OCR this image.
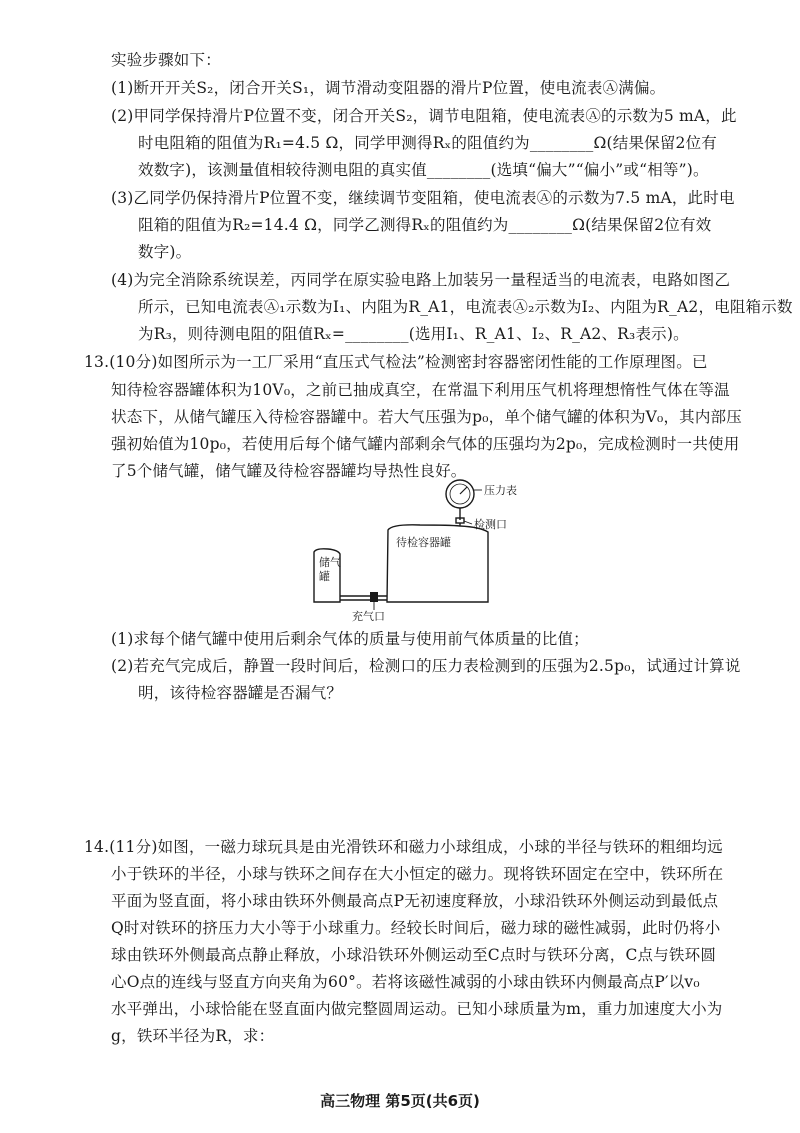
实验步骤如下：
(1)断开开关S₂，闭合开关S₁，调节滑动变阻器的滑片P位置，使电流表Ⓐ满偏。
(2)甲同学保持滑片P位置不变，闭合开关S₂，调节电阻箱，使电流表Ⓐ的示数为5 mA，此
时电阻箱的阻值为R₁=4.5 Ω，同学甲测得Rₓ的阻值约为________Ω(结果保留2位有
效数字)，该测量值相较待测电阻的真实值________(选填“偏大”“偏小”或“相等”)。
(3)乙同学仍保持滑片P位置不变，继续调节变阻箱，使电流表Ⓐ的示数为7.5 mA，此时电
阻箱的阻值为R₂=14.4 Ω，同学乙测得Rₓ的阻值约为________Ω(结果保留2位有效
数字)。
(4)为完全消除系统误差，丙同学在原实验电路上加装另一量程适当的电流表，电路如图乙
所示，已知电流表Ⓐ₁示数为I₁、内阻为R_A1，电流表Ⓐ₂示数为I₂、内阻为R_A2，电阻箱示数
为R₃，则待测电阻的阻值Rₓ=________(选用I₁、R_A1、I₂、R_A2、R₃表示)。
13.(10分)如图所示为一工厂采用“直压式气检法”检测密封容器密闭性能的工作原理图。已
知待检容器罐体积为10V₀，之前已抽成真空，在常温下利用压气机将理想惰性气体在等温
状态下，从储气罐压入待检容器罐中。若大气压强为p₀，单个储气罐的体积为V₀，其内部压
强初始值为10p₀，若使用后每个储气罐内部剩余气体的压强均为2p₀，完成检测时一共使用
了5个储气罐，储气罐及待检容器罐均导热性良好。
压力表
检测口
储气
罐
待检容器罐
充气口
(1)求每个储气罐中使用后剩余气体的质量与使用前气体质量的比值；
(2)若充气完成后，静置一段时间后，检测口的压力表检测到的压强为2.5p₀，试通过计算说
明，该待检容器罐是否漏气？
14.(11分)如图，一磁力球玩具是由光滑铁环和磁力小球组成，小球的半径与铁环的粗细均远
小于铁环的半径，小球与铁环之间存在大小恒定的磁力。现将铁环固定在空中，铁环所在
平面为竖直面，将小球由铁环外侧最高点P无初速度释放，小球沿铁环外侧运动到最低点
Q时对铁环的挤压力大小等于小球重力。经较长时间后，磁力球的磁性减弱，此时仍将小
球由铁环外侧最高点静止释放，小球沿铁环外侧运动至C点时与铁环分离，C点与铁环圆
心O点的连线与竖直方向夹角为60°。若将该磁性减弱的小球由铁环内侧最高点P′以v₀
水平弹出，小球恰能在竖直面内做完整圆周运动。已知小球质量为m，重力加速度大小为
g，铁环半径为R，求：
高三物理 第5页(共6页)
